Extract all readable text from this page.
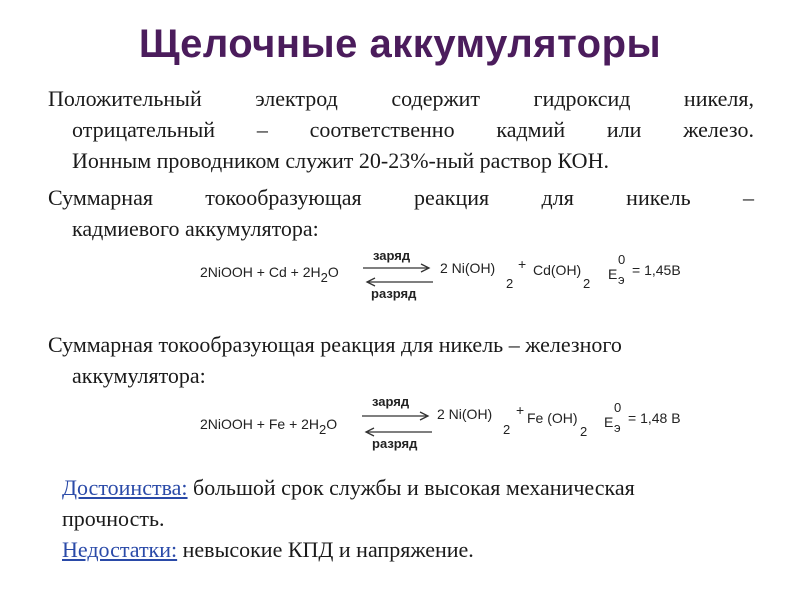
Щелочные аккумуляторы
Положительный электрод содержит гидроксид никеля,
отрицательный – соответственно кадмий или железо.
Ионным проводником служит 20-23%-ный раствор КОН.
Суммарная токообразующая реакция для никель –
кадмиевого аккумулятора:
2NiOOH + Cd + 2H2O
заряд
разряд
2 Ni(OH)
2
+ Cd(OH)
2
E
0
э
= 1,45В
Суммарная токообразующая реакция для никель – железного
аккумулятора:
2NiOOH + Fe + 2H2O
заряд
разряд
2 Ni(OH)
2
+ Fe (OH)
2
E
0
э
= 1,48 В
Достоинства: большой срок службы и высокая механическая
прочность.
Недостатки: невысокие КПД и напряжение.
